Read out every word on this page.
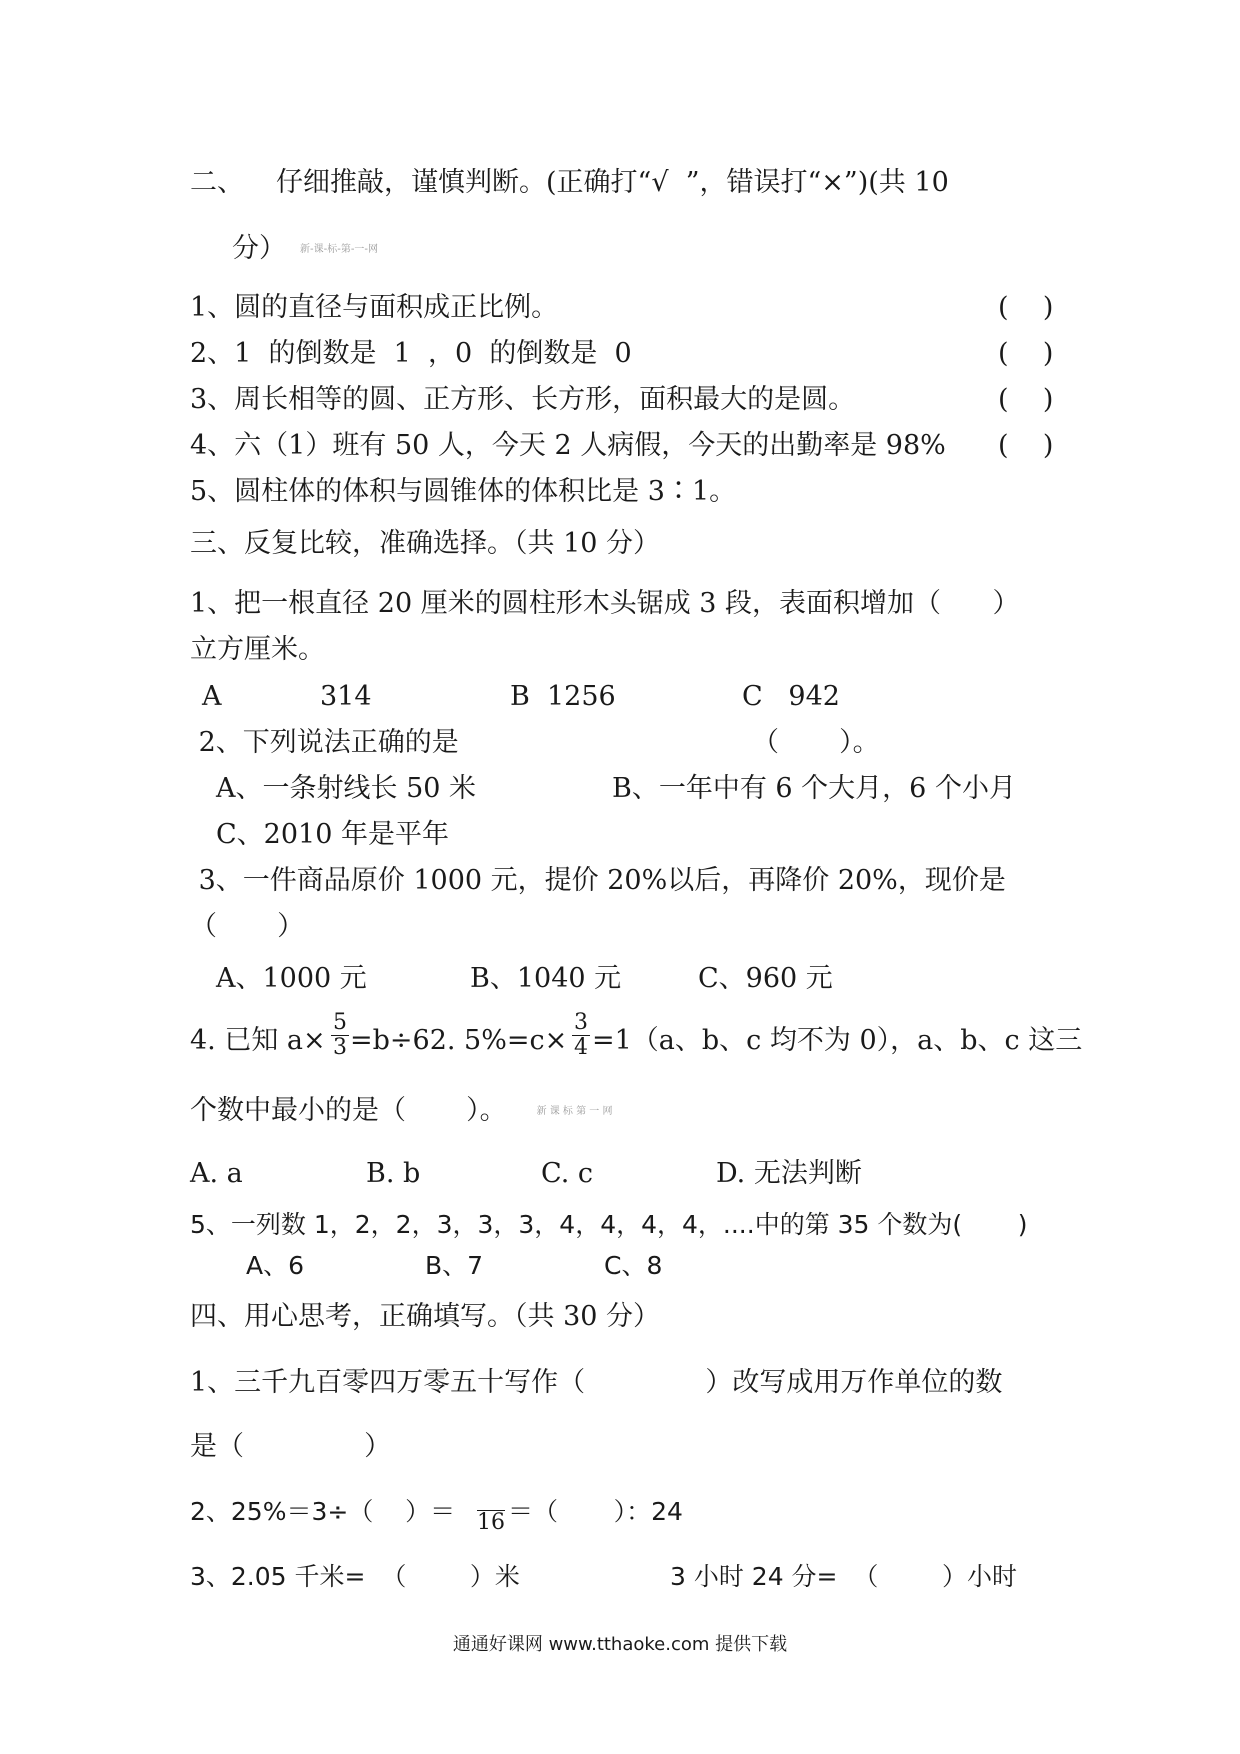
二、 仔细推敲，谨慎判断。(正确打“√  ”，错误打“×”)(共 10
分） 新-课-标-第-一-网
1、圆的直径与面积成正比例。	(    )
2、1  的倒数是  1  ，0  的倒数是  0	(    )
3、周长相等的圆、正方形、长方形，面积最大的是圆。	(    )
4、六（1）班有 50 人，今天 2 人病假，今天的出勤率是 98% (    )
5、圆柱体的体积与圆锥体的体积比是 3∶1。
三、反复比较，准确选择。（共 10 分）
1、把一根直径 20 厘米的圆柱形木头锯成 3 段，表面积增加（      ）
立方厘米。
A	314	B  1256	C   942
2、下列说法正确的是	（       ）。
A、一条射线长 50 米	B、一年中有 6 个大月，6 个小月
C、2010 年是平年
3、一件商品原价 1000 元，提价 20%以后，再降价 20%，现价是
（       ）
A、1000 元	B、1040 元	C、960 元
4. 已知 $a\times \frac{5}{3} =b\div 62$. $5\%=c\times \frac{3}{4} =1(a$、b、c 均不为 0），a、b、c 这三
个数中最小的是（       ）。	新 课 标 第 一 网
A. a	B. b	C. c	D. 无法判断
5、一列数 1，2，2，3，3，3，4，4，4，4，....中的第 35 个数为(       )
A、6	B、7	C、8
四、用心思考，正确填写。（共 30 分）
1、三千九百零四万零五十写作（              ）改写成用万作单位的数
是（              ）
2、25%＝3÷（    ）＝ 16 ＝（       ）：24
3、2.05 千米=  （        ）米	3 小时 24 分=  （        ）小时
通通好课网 www.tthaoke.com 提供下载
